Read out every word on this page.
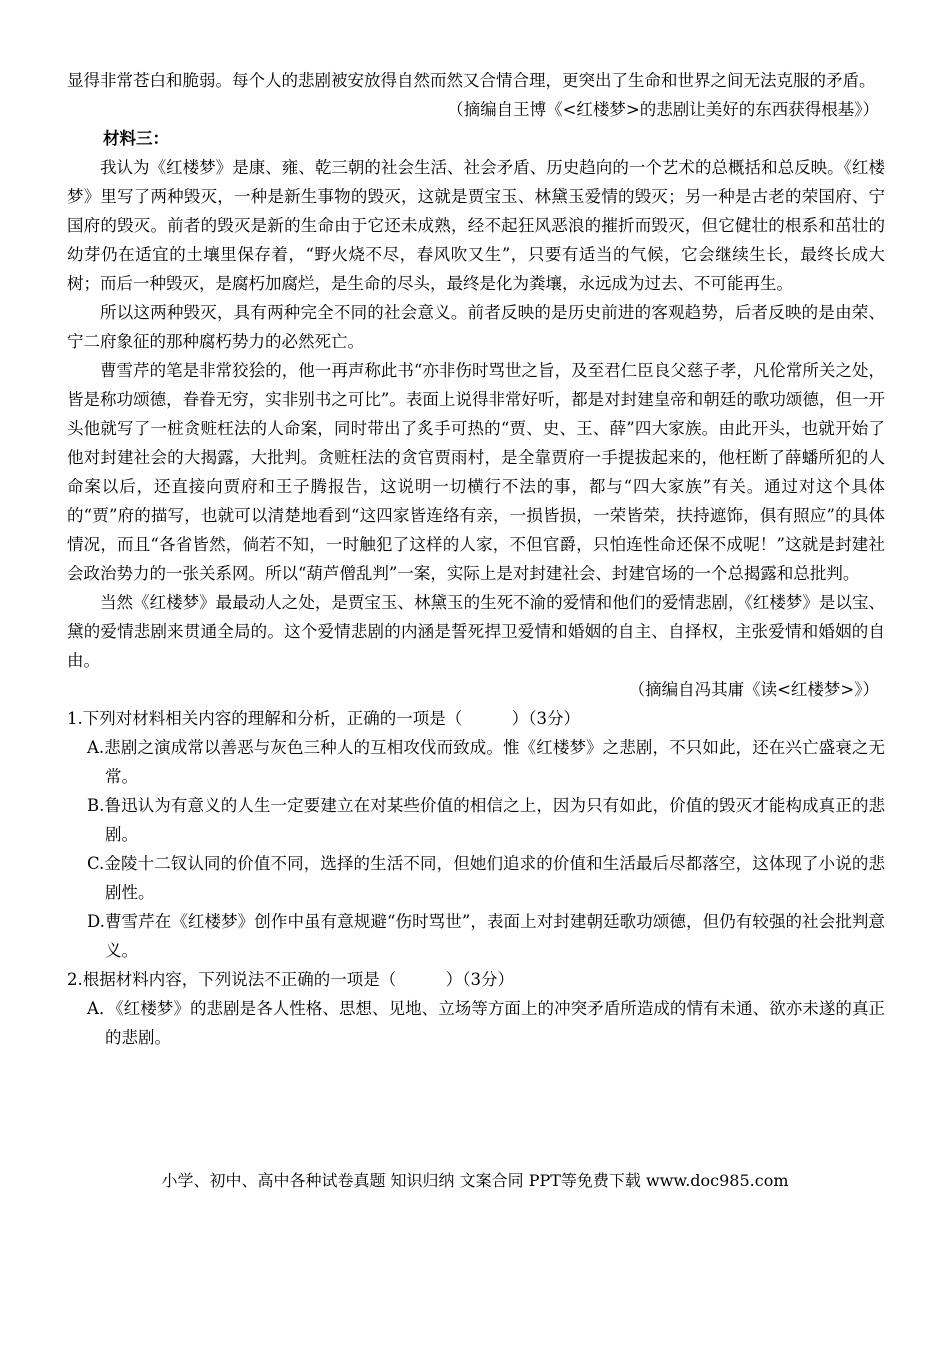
显得非常苍白和脆弱。每个人的悲剧被安放得自然而然又合情合理，更突出了生命和世界之间无法克服的矛盾。

（摘编自王博《<红楼梦>的悲剧让美好的东西获得根基》）

材料三：

我认为《红楼梦》是康、雍、乾三朝的社会生活、社会矛盾、历史趋向的一个艺术的总概括和总反映。《红楼梦》里写了两种毁灭，一种是新生事物的毁灭，这就是贾宝玉、林黛玉爱情的毁灭；另一种是古老的荣国府、宁国府的毁灭。前者的毁灭是新的生命由于它还未成熟，经不起狂风恶浪的摧折而毁灭，但它健壮的根系和茁壮的幼芽仍在适宜的土壤里保存着，“野火烧不尽，春风吹又生”，只要有适当的气候，它会继续生长，最终长成大树；而后一种毁灭，是腐朽加腐烂，是生命的尽头，最终是化为粪壤，永远成为过去、不可能再生。

所以这两种毁灭，具有两种完全不同的社会意义。前者反映的是历史前进的客观趋势，后者反映的是由荣、宁二府象征的那种腐朽势力的必然死亡。

曹雪芹的笔是非常狡狯的，他一再声称此书“亦非伤时骂世之旨，及至君仁臣良父慈子孝，凡伦常所关之处，皆是称功颂德，眷眷无穷，实非别书之可比”。表面上说得非常好听，都是对封建皇帝和朝廷的歌功颂德，但一开头他就写了一桩贪赃枉法的人命案，同时带出了炙手可热的“贾、史、王、薛”四大家族。由此开头，也就开始了他对封建社会的大揭露，大批判。贪赃枉法的贪官贾雨村，是全靠贾府一手提拔起来的，他枉断了薛蟠所犯的人命案以后，还直接向贾府和王子腾报告，这说明一切横行不法的事，都与“四大家族”有关。通过对这个具体的“贾”府的描写，也就可以清楚地看到“这四家皆连络有亲，一损皆损，一荣皆荣，扶持遮饰，俱有照应”的具体情况，而且“各省皆然，倘若不知，一时触犯了这样的人家，不但官爵，只怕连性命还保不成呢！”这就是封建社会政治势力的一张关系网。所以“葫芦僧乱判”一案，实际上是对封建社会、封建官场的一个总揭露和总批判。

当然《红楼梦》最最动人之处，是贾宝玉、林黛玉的生死不渝的爱情和他们的爱情悲剧，《红楼梦》是以宝、黛的爱情悲剧来贯通全局的。这个爱情悲剧的内涵是誓死捍卫爱情和婚姻的自主、自择权，主张爱情和婚姻的自由。

（摘编自冯其庸《读<红楼梦>》）

1.下列对材料相关内容的理解和分析，正确的一项是（　　　）（3分）

A.悲剧之演成常以善恶与灰色三种人的互相攻伐而致成。惟《红楼梦》之悲剧，不只如此，还在兴亡盛衰之无常。

B.鲁迅认为有意义的人生一定要建立在对某些价值的相信之上，因为只有如此，价值的毁灭才能构成真正的悲剧。

C.金陵十二钗认同的价值不同，选择的生活不同，但她们追求的价值和生活最后尽都落空，这体现了小说的悲剧性。

D.曹雪芹在《红楼梦》创作中虽有意规避“伤时骂世”，表面上对封建朝廷歌功颂德，但仍有较强的社会批判意义。

2.根据材料内容，下列说法不正确的一项是（　　　）（3分）

A．《红楼梦》的悲剧是各人性格、思想、见地、立场等方面上的冲突矛盾所造成的情有未通、欲亦未遂的真正的悲剧。

小学、初中、高中各种试卷真题 知识归纳 文案合同 PPT等免费下载 www.doc985.com
